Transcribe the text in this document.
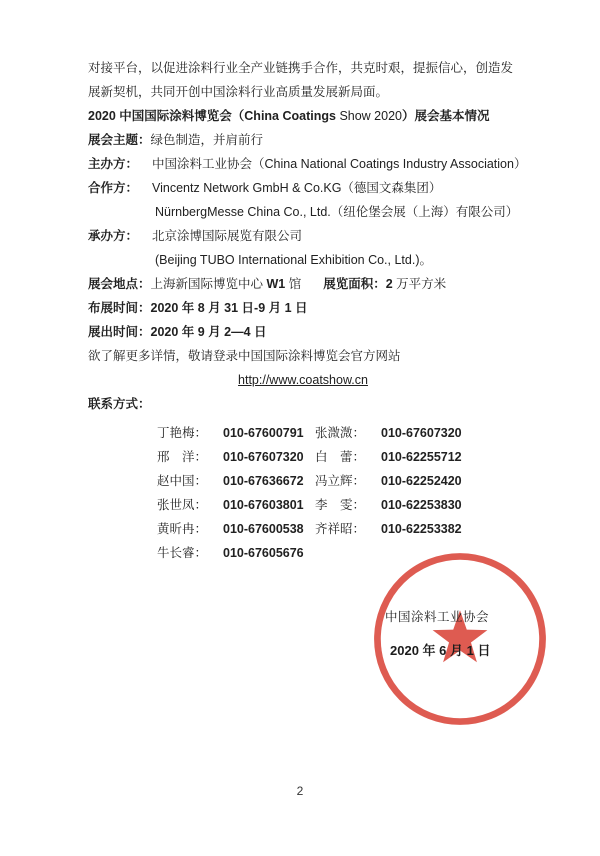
对接平台，以促进涂料行业全产业链携手合作，共克时艰，提振信心，创造发

展新契机，共同开创中国涂料行业高质量发展新局面。

2020 中国国际涂料博览会（China Coatings Show 2020）展会基本情况

展会主题：绿色制造，并肩前行

主办方： 中国涂料工业协会（China National Coatings Industry Association）

合作方： Vincentz Network GmbH & Co.KG（德国文森集团）

NürnbergMesse China Co., Ltd.（纽伦堡会展（上海）有限公司）

承办方： 北京涂博国际展览有限公司

(Beijing TUBO International Exhibition Co., Ltd.)。

展会地点：上海新国际博览中心 W1 馆 展览面积：2 万平方米

布展时间：2020 年 8 月 31 日-9 月 1 日

展出时间：2020 年 9 月 2—4 日

欲了解更多详情，敬请登录中国国际涂料博览会官方网站

http://www.coatshow.cn

联系方式：

丁艳梅：	010-67600791 张溦溦：	010-67607320
邢　洋：	010-67607320 白　蕾：	010-62255712
赵中国：	010-67636672 冯立辉：	010-62252420
张世凤：	010-67603801 李　雯：	010-62253830
黄昕冉：	010-67600538 齐祥昭：	010-62253382
牛长睿：	010-67605676
中国涂料工业协会
2020 年 6 月 1 日
2
